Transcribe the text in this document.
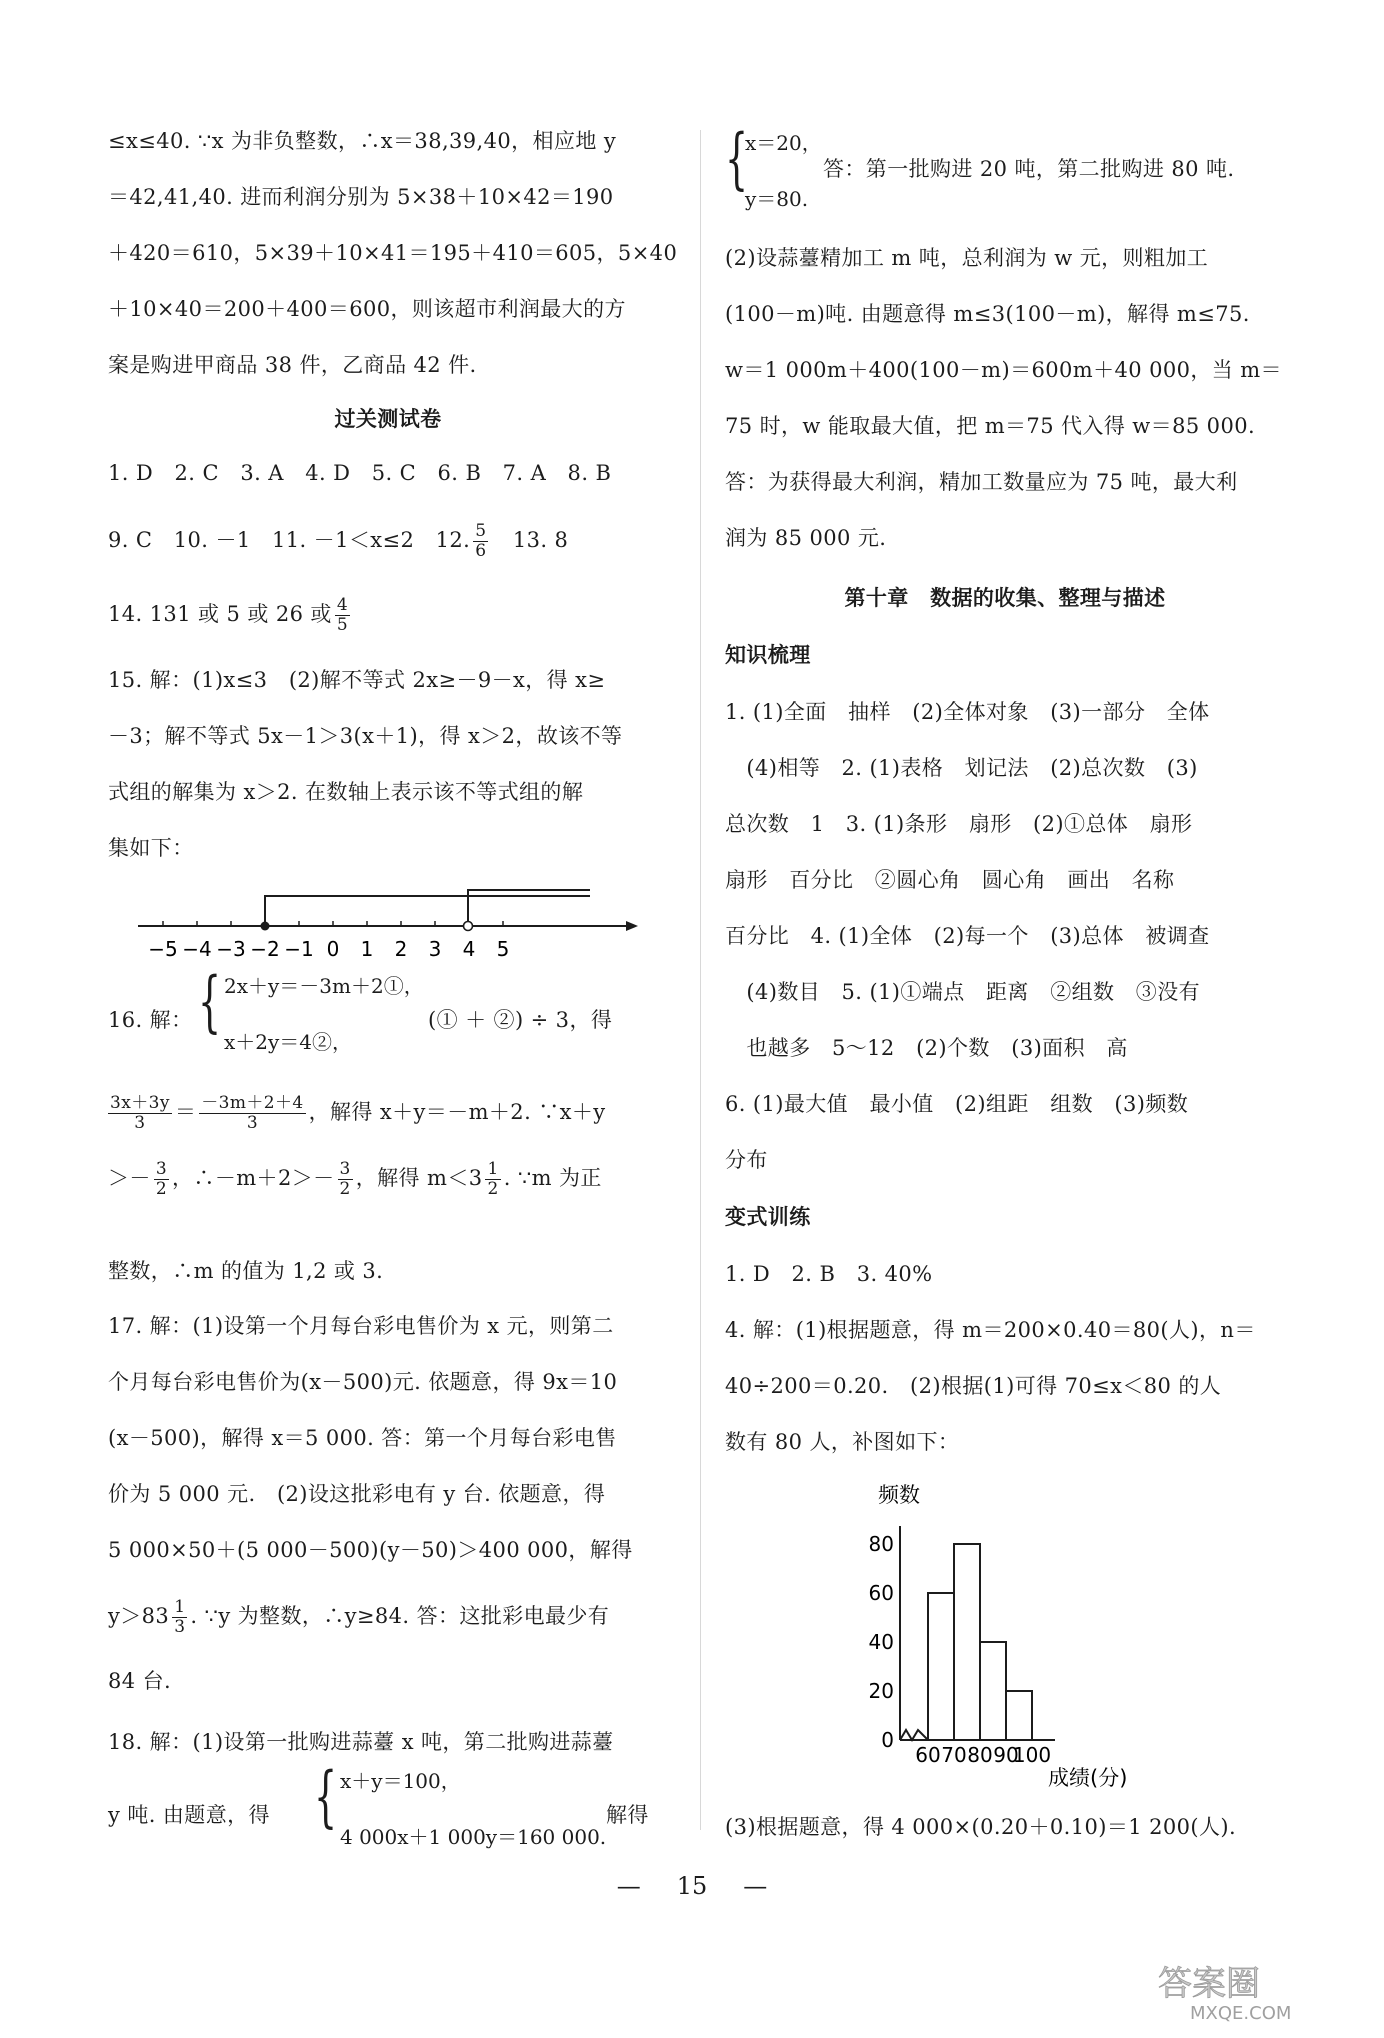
≤x≤40. ∵x 为非负整数，∴x＝38,39,40，相应地 y
＝42,41,40. 进而利润分别为 5×38＋10×42＝190
＋420＝610，5×39＋10×41＝195＋410＝605，5×40
＋10×40＝200＋400＝600，则该超市利润最大的方
案是购进甲商品 38 件，乙商品 42 件.
过关测试卷
1. D　2. C　3. A　4. D　5. C　6. B　7. A　8. B
9. C　10. －1　11. －1＜x≤2　12. $\frac{5}{6}$
　 13. 8
14. 131 或 5 或 26 或 $\frac{4}{5}$
15. 解：(1)x≤3　(2)解不等式 2x≥－9－x，得 x≥
－3；解不等式 5x－1＞3(x＋1)，得 x＞2，故该不等
式组的解集为 x＞2. 在数轴上表示该不等式组的解
集如下：
−5 −4 −3 −2 −1 0 1 2 3 4 5
16. 解： { 2x＋y＝－3m＋2①，
x＋2y＝4②，
(① ＋ ②) ÷ 3，得
$\frac{3x+3y}{3} = \frac{-3m+2+4}{3}$ ，解得 x＋y＝－m＋2. ∵x＋y
＞－ $\frac{3}{2}$ ，∴－m＋2＞－ $\frac{3}{2}$ ，解得 $m<3 \frac{1}{2}$ . ∵m 为正
整数，∴m 的值为 1,2 或 3.
17. 解：(1)设第一个月每台彩电售价为 x 元，则第二
个月每台彩电售价为(x－500)元. 依题意，得 9x＝10
(x－500)，解得 x＝5 000. 答：第一个月每台彩电售
价为 5 000 元.　(2)设这批彩电有 y 台. 依题意，得
5 000×50＋(5 000－500)(y－50)＞400 000，解得
$y>83 \frac{1}{3}$ . ∵y 为整数，∴y≥84. 答：这批彩电最少有
84 台.
18. 解：(1)设第一批购进蒜薹 x 吨，第二批购进蒜薹
y 吨. 由题意，得 { x＋y＝100，
4 000x＋1 000y＝160 000.
解得
{
x＝20，
y＝80.
答：第一批购进 20 吨，第二批购进 80 吨.
(2)设蒜薹精加工 m 吨，总利润为 w 元，则粗加工
(100－m)吨. 由题意得 m≤3(100－m)，解得 m≤75.
w＝1 000m＋400(100－m)＝600m＋40 000，当 m＝
75 时，w 能取最大值，把 m＝75 代入得 w＝85 000.
答：为获得最大利润，精加工数量应为 75 吨，最大利
润为 85 000 元.
第十章　数据的收集、整理与描述
知识梳理
1. (1)全面　抽样　(2)全体对象　(3)一部分　全体
　(4)相等　2. (1)表格　划记法　(2)总次数　(3)
总次数　1　3. (1)条形　扇形　(2)①总体　扇形
扇形　百分比　②圆心角　圆心角　画出　名称
百分比　4. (1)全体　(2)每一个　(3)总体　被调查
　(4)数目　5. (1)①端点　距离　②组数　③没有
　也越多　5～12　(2)个数　(3)面积　高
6. (1)最大值　最小值　(2)组距　组数　(3)频数
分布
变式训练
1. D　2. B　3. 40%
4. 解：(1)根据题意，得 m＝200×0.40＝80(人)，n＝
40÷200＝0.20.　(2)根据(1)可得 70≤x＜80 的人
数有 80 人，补图如下：
频数
成绩(分)
0
20
40
60
80
60 70 80 90
100
(3)根据题意，得 4 000×(0.20＋0.10)＝1 200(人).
— 15 —
答案圈
MXQE.COM
